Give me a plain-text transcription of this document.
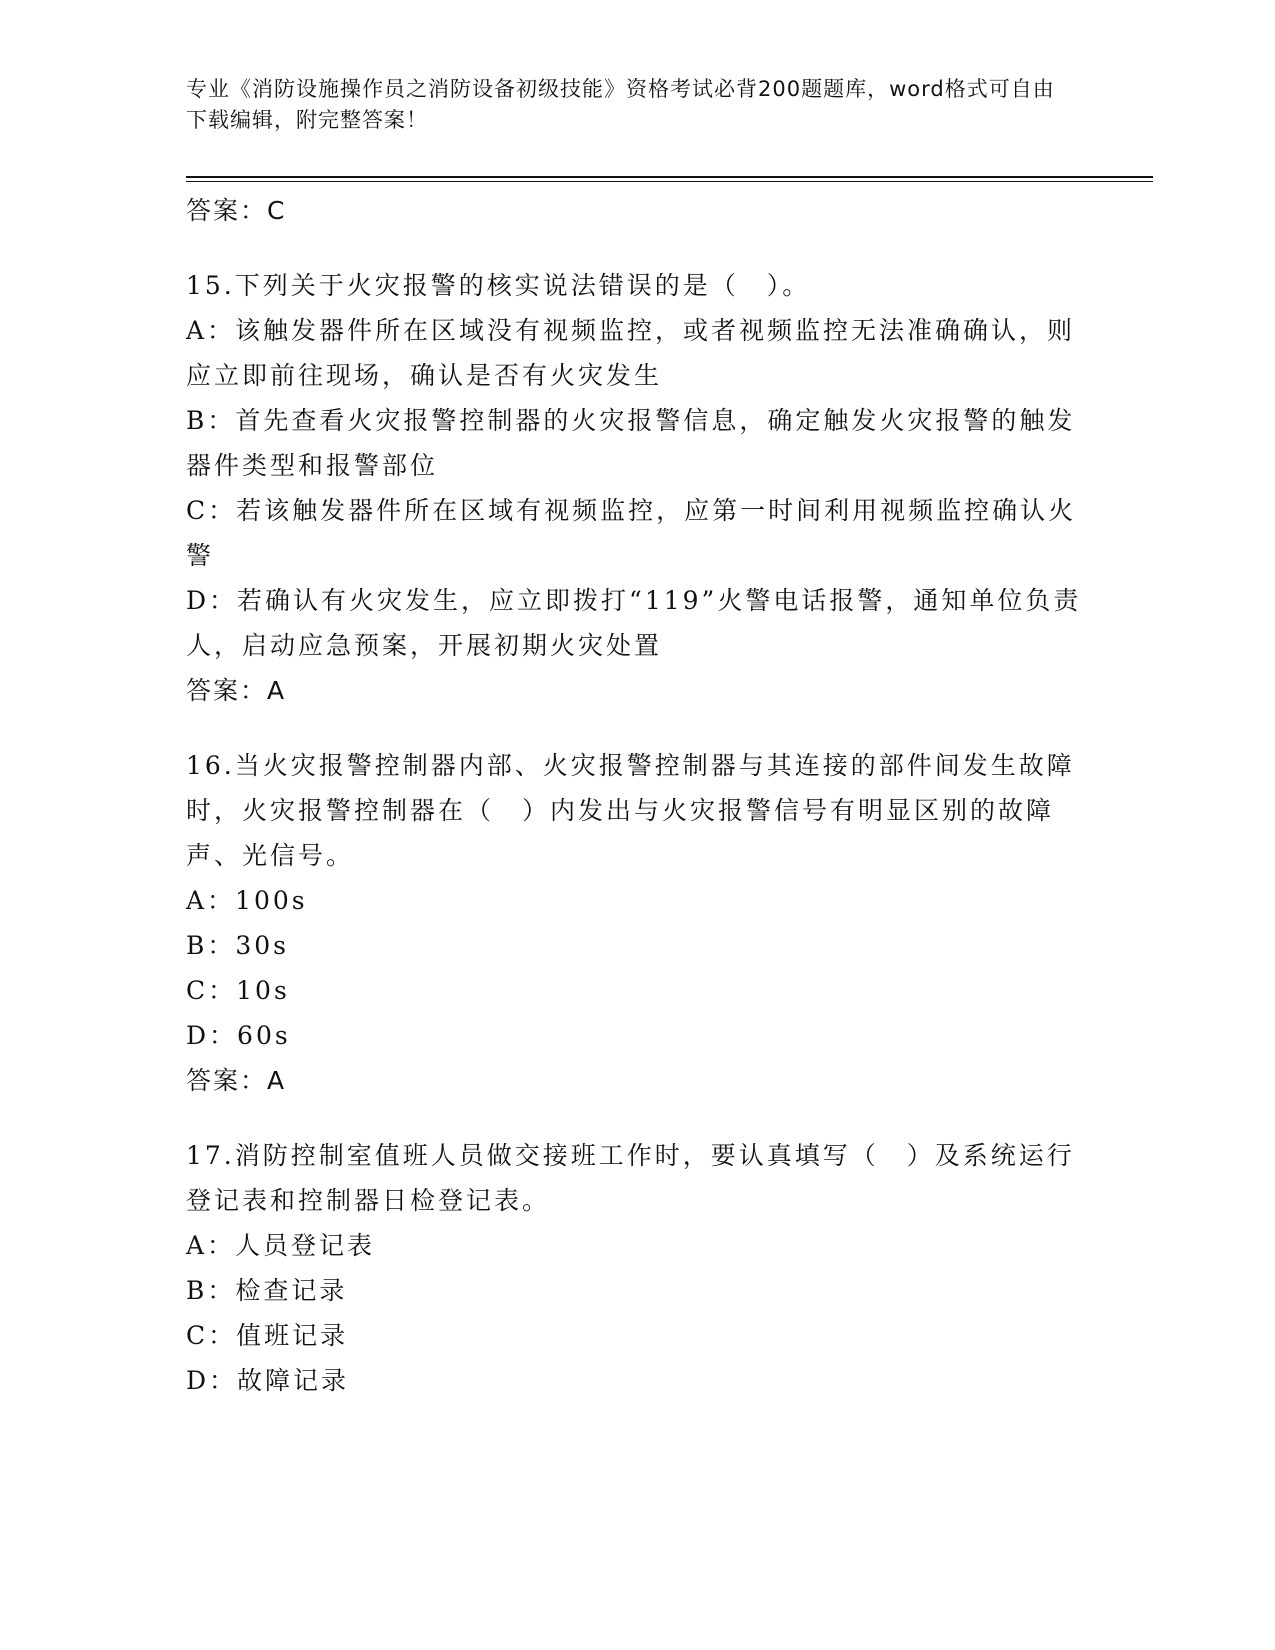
专业《消防设施操作员之消防设备初级技能》资格考试必背200题题库，word格式可自由下载编辑，附完整答案！

答案：C

15.下列关于火灾报警的核实说法错误的是（　）。

A：该触发器件所在区域没有视频监控，或者视频监控无法准确确认，则应立即前往现场，确认是否有火灾发生

B：首先查看火灾报警控制器的火灾报警信息，确定触发火灾报警的触发器件类型和报警部位

C：若该触发器件所在区域有视频监控，应第一时间利用视频监控确认火警

D：若确认有火灾发生，应立即拨打“119”火警电话报警，通知单位负责人，启动应急预案，开展初期火灾处置

答案：A

16.当火灾报警控制器内部、火灾报警控制器与其连接的部件间发生故障时，火灾报警控制器在（　）内发出与火灾报警信号有明显区别的故障声、光信号。

A：100s

B：30s

C：10s

D：60s

答案：A

17.消防控制室值班人员做交接班工作时，要认真填写（　）及系统运行登记表和控制器日检登记表。

A：人员登记表

B：检查记录

C：值班记录

D：故障记录
